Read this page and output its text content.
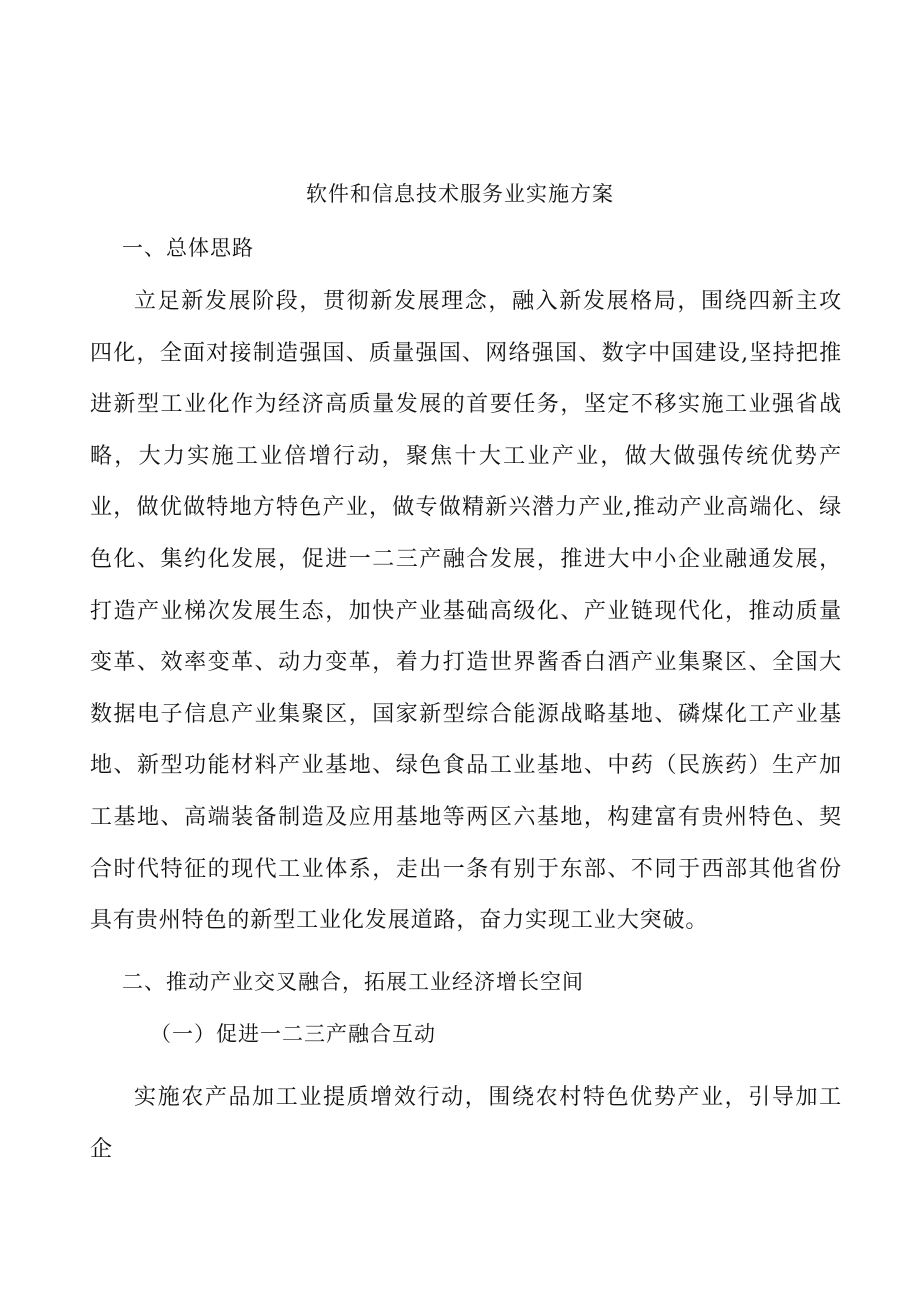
软件和信息技术服务业实施方案
一、总体思路

立足新发展阶段，贯彻新发展理念，融入新发展格局，围绕四新主攻四化，全面对接制造强国、质量强国、网络强国、数字中国建设,坚持把推进新型工业化作为经济高质量发展的首要任务，坚定不移实施工业强省战略，大力实施工业倍增行动，聚焦十大工业产业，做大做强传统优势产业，做优做特地方特色产业，做专做精新兴潜力产业,推动产业高端化、绿色化、集约化发展，促进一二三产融合发展，推进大中小企业融通发展，打造产业梯次发展生态，加快产业基础高级化、产业链现代化，推动质量变革、效率变革、动力变革，着力打造世界酱香白酒产业集聚区、全国大数据电子信息产业集聚区，国家新型综合能源战略基地、磷煤化工产业基地、新型功能材料产业基地、绿色食品工业基地、中药（民族药）生产加工基地、高端装备制造及应用基地等两区六基地，构建富有贵州特色、契合时代特征的现代工业体系，走出一条有别于东部、不同于西部其他省份具有贵州特色的新型工业化发展道路，奋力实现工业大突破。

二、推动产业交叉融合，拓展工业经济增长空间
（一）促进一二三产融合互动

实施农产品加工业提质增效行动，围绕农村特色优势产业，引导加工企
